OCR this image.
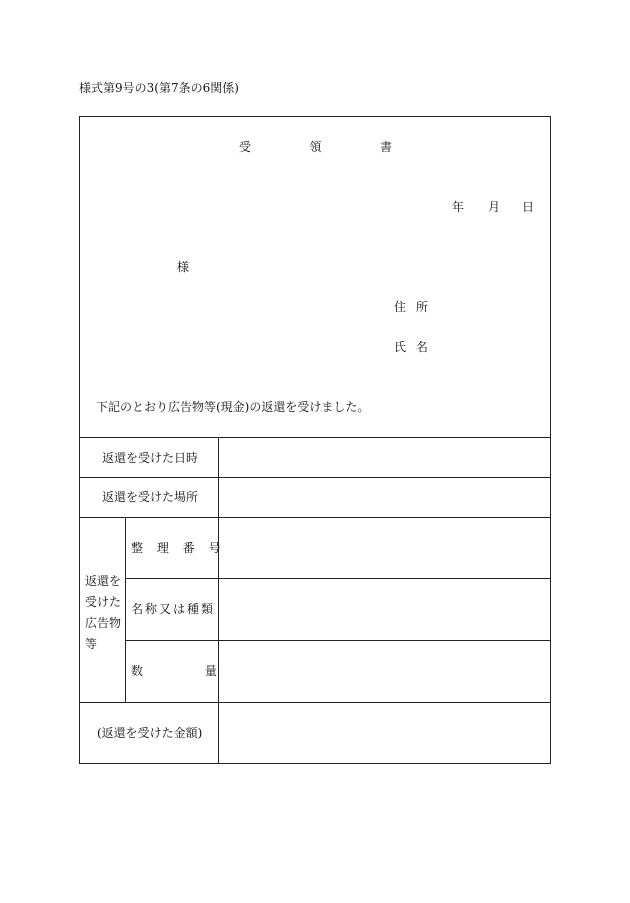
様式第9号の3(第7条の6関係)
受	領	書
年 月 日
様
住 所
氏 名
下記のとおり広告物等(現金)の返還を受けました。
返還を受けた日時
返還を受けた場所
返還を
受けた
広告物
等
整 理 番 号
名称又は種類
数 量
(返還を受けた金額)
